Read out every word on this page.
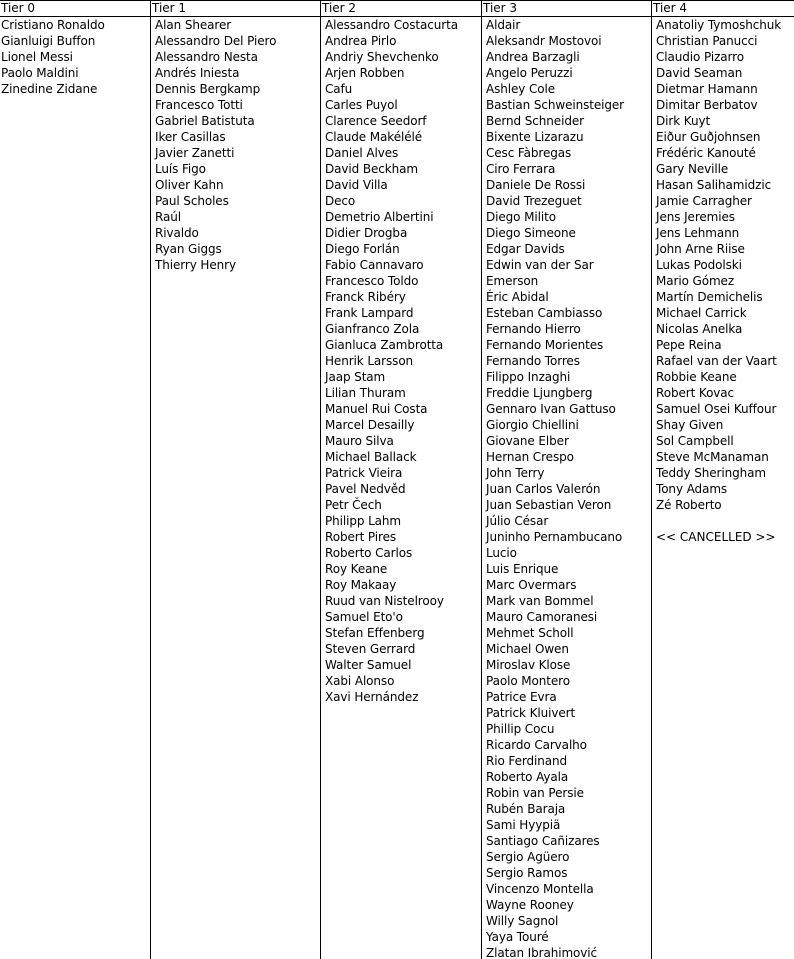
Tier 0
Cristiano Ronaldo
Gianluigi Buffon
Lionel Messi
Paolo Maldini
Zinedine Zidane
Tier 1
Alan Shearer
Alessandro Del Piero
Alessandro Nesta
Andrés Iniesta
Dennis Bergkamp
Francesco Totti
Gabriel Batistuta
Iker Casillas
Javier Zanetti
Luís Figo
Oliver Kahn
Paul Scholes
Raúl
Rivaldo
Ryan Giggs
Thierry Henry
Tier 2
Alessandro Costacurta
Andrea Pirlo
Andriy Shevchenko
Arjen Robben
Cafu
Carles Puyol
Clarence Seedorf
Claude Makélélé
Daniel Alves
David Beckham
David Villa
Deco
Demetrio Albertini
Didier Drogba
Diego Forlán
Fabio Cannavaro
Francesco Toldo
Franck Ribéry
Frank Lampard
Gianfranco Zola
Gianluca Zambrotta
Henrik Larsson
Jaap Stam
Lilian Thuram
Manuel Rui Costa
Marcel Desailly
Mauro Silva
Michael Ballack
Patrick Vieira
Pavel Nedvěd
Petr Čech
Philipp Lahm
Robert Pires
Roberto Carlos
Roy Keane
Roy Makaay
Ruud van Nistelrooy
Samuel Eto'o
Stefan Effenberg
Steven Gerrard
Walter Samuel
Xabi Alonso
Xavi Hernández
Tier 3
Aldair
Aleksandr Mostovoi
Andrea Barzagli
Angelo Peruzzi
Ashley Cole
Bastian Schweinsteiger
Bernd Schneider
Bixente Lizarazu
Cesc Fàbregas
Ciro Ferrara
Daniele De Rossi
David Trezeguet
Diego Milito
Diego Simeone
Edgar Davids
Edwin van der Sar
Emerson
Éric Abidal
Esteban Cambiasso
Fernando Hierro
Fernando Morientes
Fernando Torres
Filippo Inzaghi
Freddie Ljungberg
Gennaro Ivan Gattuso
Giorgio Chiellini
Giovane Elber
Hernan Crespo
John Terry
Juan Carlos Valerón
Juan Sebastian Veron
Júlio César
Juninho Pernambucano
Lucio
Luis Enrique
Marc Overmars
Mark van Bommel
Mauro Camoranesi
Mehmet Scholl
Michael Owen
Miroslav Klose
Paolo Montero
Patrice Evra
Patrick Kluivert
Phillip Cocu
Ricardo Carvalho
Rio Ferdinand
Roberto Ayala
Robin van Persie
Rubén Baraja
Sami Hyypiä
Santiago Cañizares
Sergio Agüero
Sergio Ramos
Vincenzo Montella
Wayne Rooney
Willy Sagnol
Yaya Touré
Zlatan Ibrahimović
Tier 4
Anatoliy Tymoshchuk
Christian Panucci
Claudio Pizarro
David Seaman
Dietmar Hamann
Dimitar Berbatov
Dirk Kuyt
Eiður Guðjohnsen
Frédéric Kanouté
Gary Neville
Hasan Salihamidzic
Jamie Carragher
Jens Jeremies
Jens Lehmann
John Arne Riise
Lukas Podolski
Mario Gómez
Martín Demichelis
Michael Carrick
Nicolas Anelka
Pepe Reina
Rafael van der Vaart
Robbie Keane
Robert Kovac
Samuel Osei Kuffour
Shay Given
Sol Campbell
Steve McManaman
Teddy Sheringham
Tony Adams
Zé Roberto
<< CANCELLED >>
